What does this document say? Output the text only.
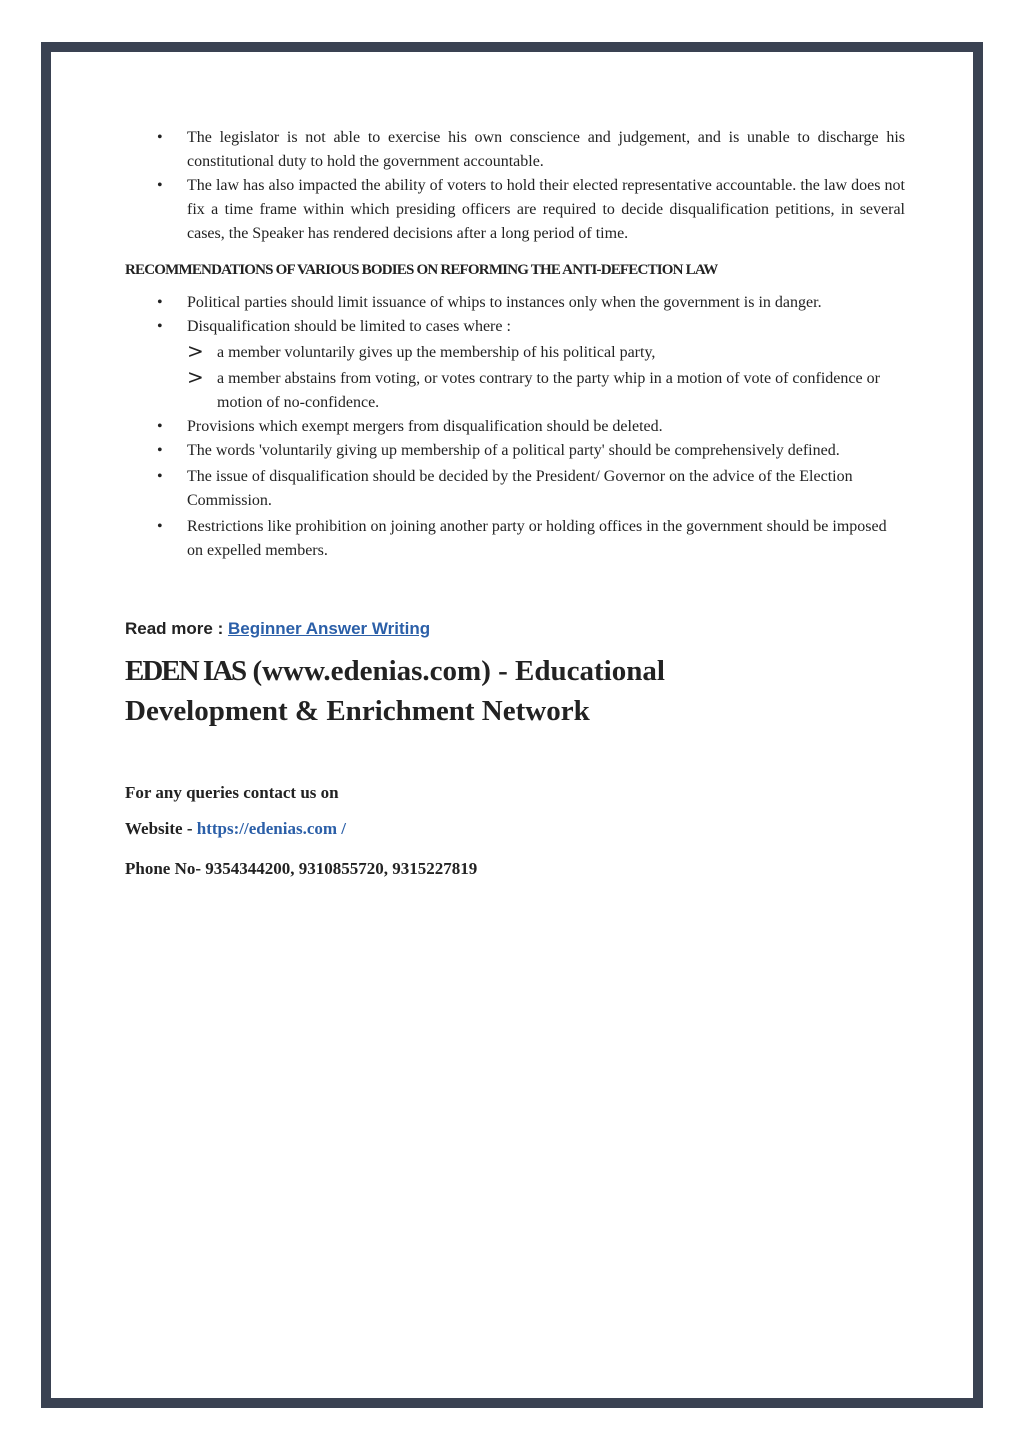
• The legislator is not able to exercise his own conscience and judgement, and is unable to discharge his constitutional duty to hold the government accountable.
• The law has also impacted the ability of voters to hold their elected representative accountable. the law does not fix a time frame within which presiding officers are required to decide disqualification petitions, in several cases, the Speaker has rendered decisions after a long period of time.
RECOMMENDATIONS OF VARIOUS BODIES ON REFORMING THE ANTI-DEFECTION LAW
• Political parties should limit issuance of whips to instances only when the government is in danger.
• Disqualification should be limited to cases where :
> a member voluntarily gives up the membership of his political party,
> a member abstains from voting, or votes contrary to the party whip in a motion of vote of confidence or motion of no-confidence.
• Provisions which exempt mergers from disqualification should be deleted.
• The words 'voluntarily giving up membership of a political party' should be comprehensively defined.
• The issue of disqualification should be decided by the President/ Governor on the advice of the Election Commission.
• Restrictions like prohibition on joining another party or holding offices in the government should be imposed on expelled members.
Read more : Beginner Answer Writing
EDEN IAS (www.edenias.com) - Educational
Development & Enrichment Network

For any queries contact us on

Website - https://edenias.com /

Phone No- 9354344200, 9310855720, 9315227819
